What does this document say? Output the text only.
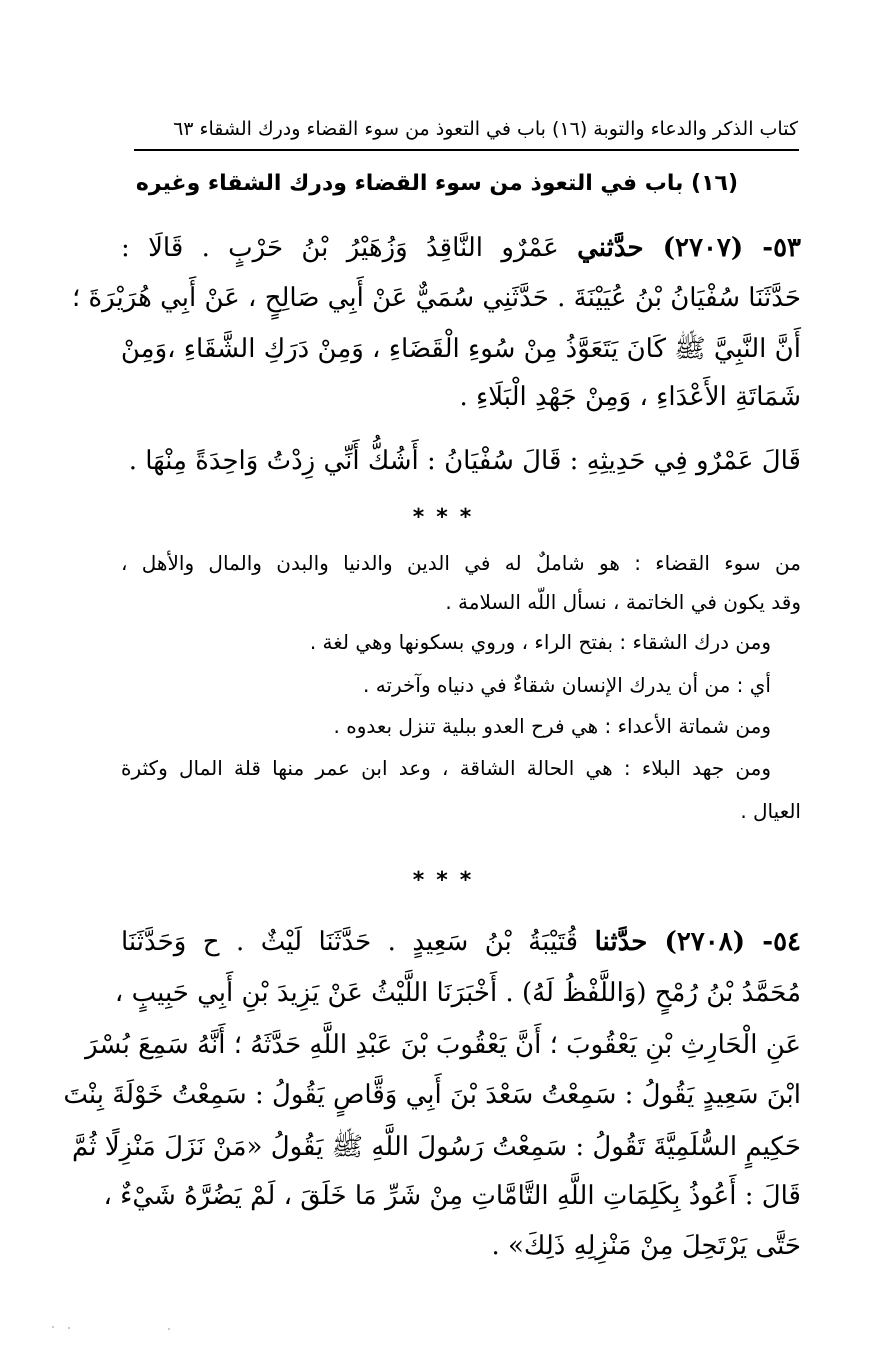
كتاب الذكر والدعاء والتوبة (١٦) باب في التعوذ من سوء القضاء ودرك الشقاء ٦٣
(١٦) باب في التعوذ من سوء القضاء ودرك الشقاء وغيره
٥٣- (٢٧٠٧) حدَّثني عَمْرٌو النَّاقِدُ وَزُهَيْرُ بْنُ حَرْبٍ . قَالَا :
حَدَّثَنَا سُفْيَانُ بْنُ عُيَيْنَةَ . حَدَّثَنِي سُمَيٌّ عَنْ أَبِي صَالِحٍ ، عَنْ أَبِي هُرَيْرَةَ ؛
أَنَّ النَّبِيَّ ﷺ كَانَ يَتَعَوَّذُ مِنْ سُوءِ الْقَضَاءِ ، وَمِنْ دَرَكِ الشَّقَاءِ ،وَمِنْ
شَمَاتَةِ الأَعْدَاءِ ، وَمِنْ جَهْدِ الْبَلَاءِ .
قَالَ عَمْرٌو فِي حَدِيثِهِ : قَالَ سُفْيَانُ : أَشُكُّ أَنِّي زِدْتُ وَاحِدَةً مِنْهَا .
***
من سوء القضاء : هو شاملٌ له في الدين والدنيا والبدن والمال والأهل ،
وقد يكون في الخاتمة ، نسأل اللّه السلامة .
ومن درك الشقاء : بفتح الراء ، وروي بسكونها وهي لغة .
أي : من أن يدرك الإنسان شقاءٌ في دنياه وآخرته .
ومن شماتة الأعداء : هي فرح العدو ببلية تنزل بعدوه .
ومن جهد البلاء : هي الحالة الشاقة ، وعد ابن عمر منها قلة المال وكثرة
العيال .
***
٥٤- (٢٧٠٨) حدَّثنا قُتَيْبَةُ بْنُ سَعِيدٍ . حَدَّثَنَا لَيْثٌ . ح وَحَدَّثَنَا
مُحَمَّدُ بْنُ رُمْحٍ (وَاللَّفْظُ لَهُ) . أَخْبَرَنَا اللَّيْثُ عَنْ يَزِيدَ بْنِ أَبِي حَبِيبٍ ،
عَنِ الْحَارِثِ بْنِ يَعْقُوبَ ؛ أَنَّ يَعْقُوبَ بْنَ عَبْدِ اللَّهِ حَدَّثَهُ ؛ أَنَّهُ سَمِعَ بُسْرَ
ابْنَ سَعِيدٍ يَقُولُ : سَمِعْتُ سَعْدَ بْنَ أَبِي وَقَّاصٍ يَقُولُ : سَمِعْتُ خَوْلَةَ بِنْتَ
حَكِيمٍ السُّلَمِيَّةَ تَقُولُ : سَمِعْتُ رَسُولَ اللَّهِ ﷺ يَقُولُ «مَنْ نَزَلَ مَنْزِلًا ثُمَّ
قَالَ : أَعُوذُ بِكَلِمَاتِ اللَّهِ التَّامَّاتِ مِنْ شَرِّ مَا خَلَقَ ، لَمْ يَضُرَّهُ شَيْءٌ ،
حَتَّى يَرْتَحِلَ مِنْ مَنْزِلِهِ ذَلِكَ» .
